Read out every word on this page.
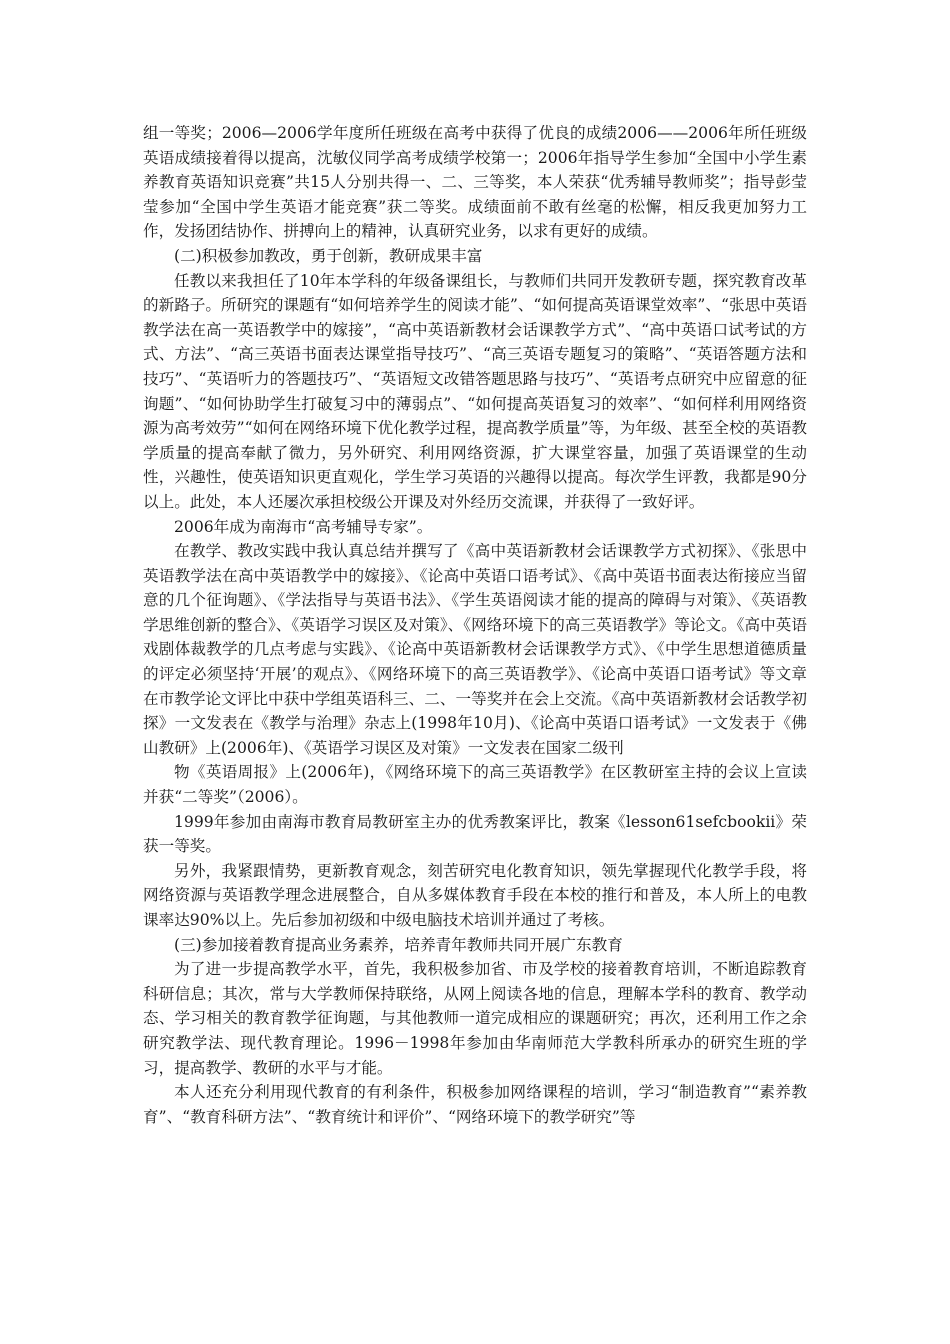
组一等奖；2006—2006学年度所任班级在高考中获得了优良的成绩2006——2006年所任班级英语成绩接着得以提高，沈敏仪同学高考成绩学校第一；2006年指导学生参加“全国中小学生素养教育英语知识竞赛”共15人分别共得一、二、三等奖，本人荣获“优秀辅导教师奖”；指导彭莹莹参加“全国中学生英语才能竞赛”获二等奖。成绩面前不敢有丝毫的松懈，相反我更加努力工作，发扬团结协作、拼搏向上的精神，认真研究业务，以求有更好的成绩。

(二)积极参加教改，勇于创新，教研成果丰富

任教以来我担任了10年本学科的年级备课组长，与教师们共同开发教研专题，探究教育改革的新路子。所研究的课题有“如何培养学生的阅读才能”、“如何提高英语课堂效率”、“张思中英语教学法在高一英语教学中的嫁接”，“高中英语新教材会话课教学方式”、“高中英语口试考试的方式、方法”、“高三英语书面表达课堂指导技巧”、“高三英语专题复习的策略”、“英语答题方法和技巧”、“英语听力的答题技巧”、“英语短文改错答题思路与技巧”、“英语考点研究中应留意的征询题”、“如何协助学生打破复习中的薄弱点”、“如何提高英语复习的效率”、“如何样利用网络资源为高考效劳”“如何在网络环境下优化教学过程，提高教学质量”等，为年级、甚至全校的英语教学质量的提高奉献了微力，另外研究、利用网络资源，扩大课堂容量，加强了英语课堂的生动性，兴趣性，使英语知识更直观化，学生学习英语的兴趣得以提高。每次学生评教，我都是90分以上。此处，本人还屡次承担校级公开课及对外经历交流课，并获得了一致好评。

2006年成为南海市“高考辅导专家”。

在教学、教改实践中我认真总结并撰写了《高中英语新教材会话课教学方式初探》、《张思中英语教学法在高中英语教学中的嫁接》、《论高中英语口语考试》、《高中英语书面表达衔接应当留意的几个征询题》、《学法指导与英语书法》、《学生英语阅读才能的提高的障碍与对策》、《英语教学思维创新的整合》、《英语学习误区及对策》、《网络环境下的高三英语教学》等论文。《高中英语戏剧体裁教学的几点考虑与实践》、《论高中英语新教材会话课教学方式》、《中学生思想道德质量的评定必须坚持‘开展’的观点》、《网络环境下的高三英语教学》、《论高中英语口语考试》等文章在市教学论文评比中获中学组英语科三、二、一等奖并在会上交流。《高中英语新教材会话教学初探》一文发表在《教学与治理》杂志上(1998年10月)、《论高中英语口语考试》一文发表于《佛山教研》上(2006年)、《英语学习误区及对策》一文发表在国家二级刊

物《英语周报》上(2006年)，《网络环境下的高三英语教学》在区教研室主持的会议上宣读并获“二等奖”（2006）。

1999年参加由南海市教育局教研室主办的优秀教案评比，教案《lesson61sefcbookii》荣获一等奖。

另外，我紧跟情势，更新教育观念，刻苦研究电化教育知识，领先掌握现代化教学手段，将网络资源与英语教学理念进展整合，自从多媒体教育手段在本校的推行和普及，本人所上的电教课率达90%以上。先后参加初级和中级电脑技术培训并通过了考核。

(三)参加接着教育提高业务素养，培养青年教师共同开展广东教育

为了进一步提高教学水平，首先，我积极参加省、市及学校的接着教育培训，不断追踪教育科研信息；其次，常与大学教师保持联络，从网上阅读各地的信息，理解本学科的教育、教学动态、学习相关的教育教学征询题，与其他教师一道完成相应的课题研究；再次，还利用工作之余研究教学法、现代教育理论。1996－1998年参加由华南师范大学教科所承办的研究生班的学习，提高教学、教研的水平与才能。

本人还充分利用现代教育的有利条件，积极参加网络课程的培训，学习“制造教育”“素养教育”、“教育科研方法”、“教育统计和评价”、“网络环境下的教学研究”等
